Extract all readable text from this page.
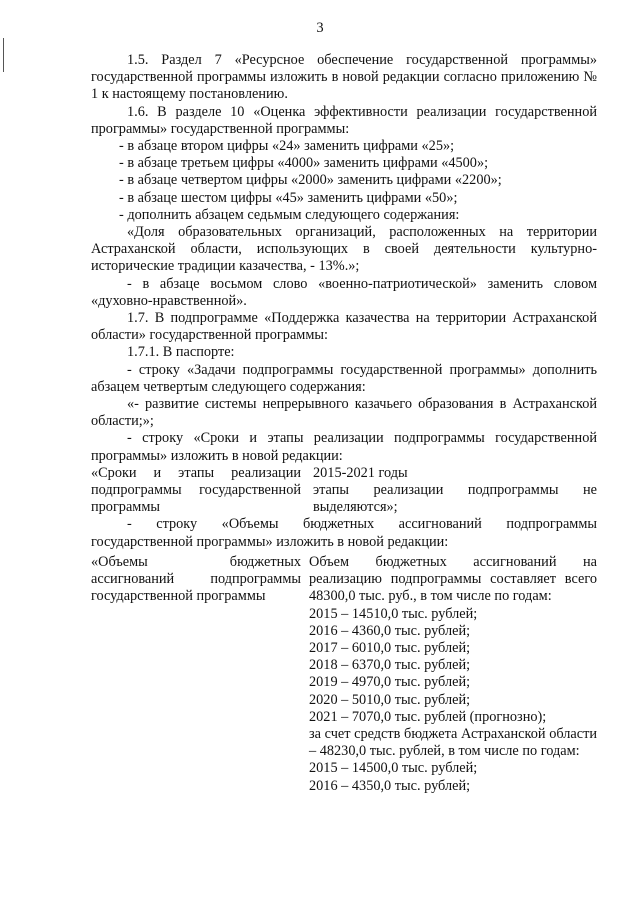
3

1.5. Раздел 7 «Ресурсное обеспечение государственной программы» государственной программы изложить в новой редакции согласно приложению № 1 к настоящему постановлению.

1.6. В разделе 10 «Оценка эффективности реализации государственной программы» государственной программы:

- в абзаце втором цифры «24» заменить цифрами «25»;

- в абзаце третьем цифры «4000» заменить цифрами «4500»;

- в абзаце четвертом цифры «2000» заменить цифрами «2200»;

- в абзаце шестом цифры «45» заменить цифрами «50»;

- дополнить абзацем седьмым следующего содержания:

«Доля образовательных организаций, расположенных на территории Астраханской области, использующих в своей деятельности культурно-исторические традиции казачества, - 13%.»;

- в абзаце восьмом слово «военно-патриотической» заменить словом «духовно-нравственной».

1.7. В подпрограмме «Поддержка казачества на территории Астраханской области» государственной программы:

1.7.1. В паспорте:

- строку «Задачи подпрограммы государственной программы» дополнить абзацем четвертым следующего содержания:

«- развитие системы непрерывного казачьего образования в Астраханской области;»;

- строку «Сроки и этапы реализации подпрограммы государственной программы» изложить в новой редакции:

«Сроки и этапы реализации подпрограммы государственной программы
2015-2021 годы
этапы реализации подпрограммы не выделяются»;

- строку «Объемы бюджетных ассигнований подпрограммы государственной программы» изложить в новой редакции:

«Объемы бюджетных ассигнований подпрограммы государственной программы
Объем бюджетных ассигнований на реализацию подпрограммы составляет всего 48300,0 тыс. руб., в том числе по годам:
2015 – 14510,0 тыс. рублей;
2016 – 4360,0 тыс. рублей;
2017 – 6010,0 тыс. рублей;
2018 – 6370,0 тыс. рублей;
2019 – 4970,0 тыс. рублей;
2020 – 5010,0 тыс. рублей;
2021 – 7070,0 тыс. рублей (прогнозно);
за счет средств бюджета Астраханской области – 48230,0 тыс. рублей, в том числе по годам:
2015 – 14500,0 тыс. рублей;
2016 – 4350,0 тыс. рублей;
